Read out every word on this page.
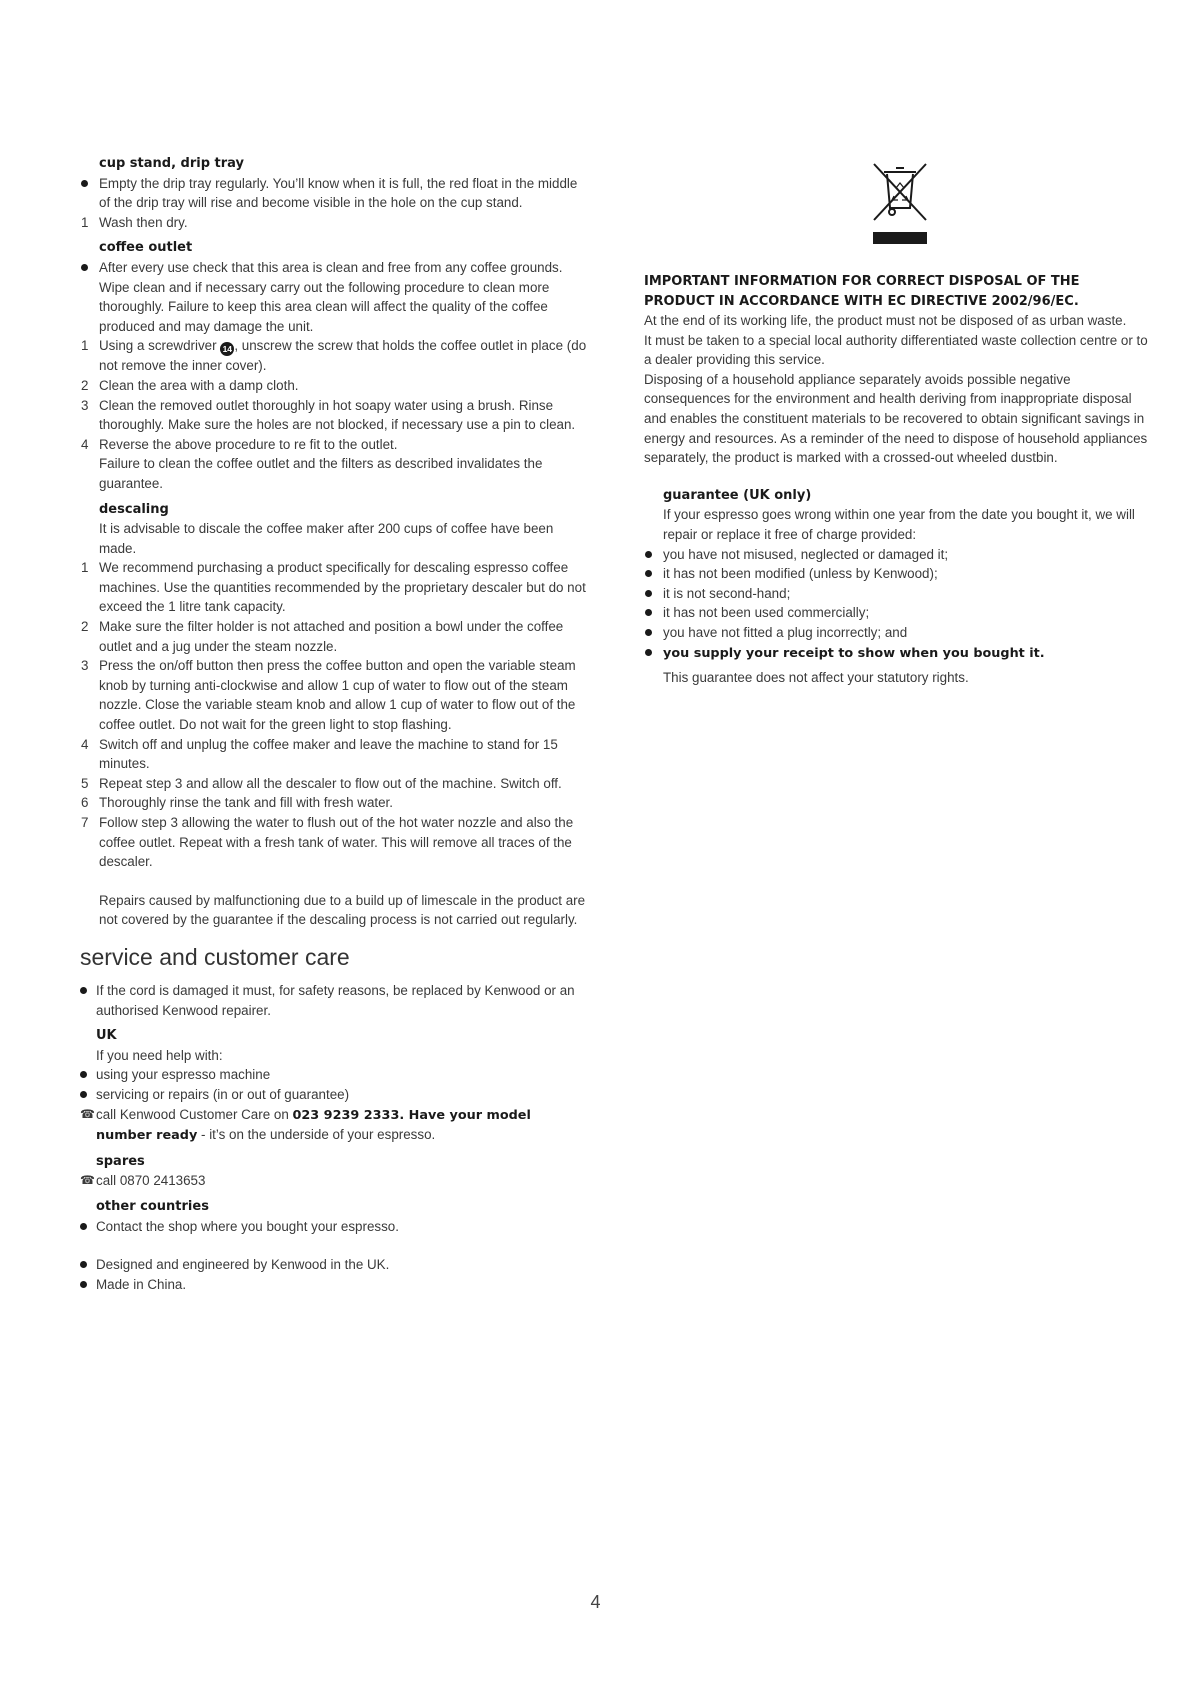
cup stand, drip tray
Empty the drip tray regularly. You’ll know when it is full, the red float in the middle of the drip tray will rise and become visible in the hole on the cup stand.
1 Wash then dry.
coffee outlet
After every use check that this area is clean and free from any coffee grounds. Wipe clean and if necessary carry out the following procedure to clean more thoroughly. Failure to keep this area clean will affect the quality of the coffee produced and may damage the unit.
1 Using a screwdriver 14 , unscrew the screw that holds the coffee outlet in place (do not remove the inner cover).
2 Clean the area with a damp cloth.
3 Clean the removed outlet thoroughly in hot soapy water using a brush. Rinse thoroughly. Make sure the holes are not blocked, if necessary use a pin to clean.
4 Reverse the above procedure to re fit to the outlet.
Failure to clean the coffee outlet and the filters as described invalidates the guarantee.
descaling
It is advisable to discale the coffee maker after 200 cups of coffee have been made.
1 We recommend purchasing a product specifically for descaling espresso coffee machines. Use the quantities recommended by the proprietary descaler but do not exceed the 1 litre tank capacity.
2 Make sure the filter holder is not attached and position a bowl under the coffee outlet and a jug under the steam nozzle.
3 Press the on/off button then press the coffee button and open the variable steam knob by turning anti-clockwise and allow 1 cup of water to flow out of the steam nozzle. Close the variable steam knob and allow 1 cup of water to flow out of the coffee outlet. Do not wait for the green light to stop flashing.
4 Switch off and unplug the coffee maker and leave the machine to stand for 15 minutes.
5 Repeat step 3 and allow all the descaler to flow out of the machine. Switch off.
6 Thoroughly rinse the tank and fill with fresh water.
7 Follow step 3 allowing the water to flush out of the hot water nozzle and also the coffee outlet. Repeat with a fresh tank of water. This will remove all traces of the descaler.
Repairs caused by malfunctioning due to a build up of limescale in the product are not covered by the guarantee if the descaling process is not carried out regularly.
service and customer care
If the cord is damaged it must, for safety reasons, be replaced by Kenwood or an authorised Kenwood repairer.
UK
If you need help with:
using your espresso machine
servicing or repairs (in or out of guarantee)
☎ call Kenwood Customer Care on 023 9239 2333. Have your model number ready - it’s on the underside of your espresso.
spares
☎ call 0870 2413653
other countries
Contact the shop where you bought your espresso.
Designed and engineered by Kenwood in the UK.
Made in China.
IMPORTANT INFORMATION FOR CORRECT DISPOSAL OF THE
PRODUCT IN ACCORDANCE WITH EC DIRECTIVE 2002/96/EC.
At the end of its working life, the product must not be disposed of as urban waste.
It must be taken to a special local authority differentiated waste collection centre or to a dealer providing this service.
Disposing of a household appliance separately avoids possible negative consequences for the environment and health deriving from inappropriate disposal and enables the constituent materials to be recovered to obtain significant savings in energy and resources. As a reminder of the need to dispose of household appliances separately, the product is marked with a crossed-out wheeled dustbin.
guarantee (UK only)
If your espresso goes wrong within one year from the date you bought it, we will repair or replace it free of charge provided:
you have not misused, neglected or damaged it;
it has not been modified (unless by Kenwood);
it is not second-hand;
it has not been used commercially;
you have not fitted a plug incorrectly; and
you supply your receipt to show when you bought it.
This guarantee does not affect your statutory rights.
4
